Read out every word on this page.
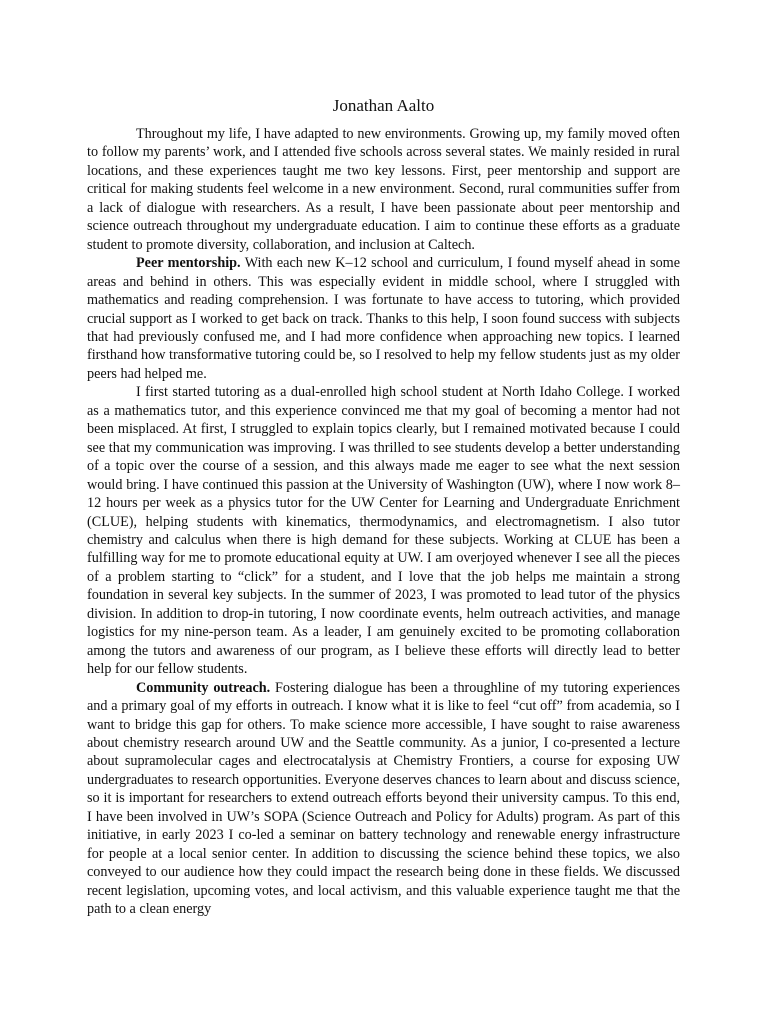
Jonathan Aalto

Throughout my life, I have adapted to new environments. Growing up, my family moved often to follow my parents’ work, and I attended five schools across several states. We mainly resided in rural locations, and these experiences taught me two key lessons. First, peer mentorship and support are critical for making students feel welcome in a new environment. Second, rural communities suffer from a lack of dialogue with researchers. As a result, I have been passionate about peer mentorship and science outreach throughout my undergraduate education. I aim to continue these efforts as a graduate student to promote diversity, collaboration, and inclusion at Caltech.

Peer mentorship. With each new K–12 school and curriculum, I found myself ahead in some areas and behind in others. This was especially evident in middle school, where I struggled with mathematics and reading comprehension. I was fortunate to have access to tutoring, which provided crucial support as I worked to get back on track. Thanks to this help, I soon found success with subjects that had previously confused me, and I had more confidence when approaching new topics. I learned firsthand how transformative tutoring could be, so I resolved to help my fellow students just as my older peers had helped me.

I first started tutoring as a dual-enrolled high school student at North Idaho College. I worked as a mathematics tutor, and this experience convinced me that my goal of becoming a mentor had not been misplaced. At first, I struggled to explain topics clearly, but I remained motivated because I could see that my communication was improving. I was thrilled to see students develop a better understanding of a topic over the course of a session, and this always made me eager to see what the next session would bring. I have continued this passion at the University of Washington (UW), where I now work 8–12 hours per week as a physics tutor for the UW Center for Learning and Undergraduate Enrichment (CLUE), helping students with kinematics, thermodynamics, and electromagnetism. I also tutor chemistry and calculus when there is high demand for these subjects. Working at CLUE has been a fulfilling way for me to promote educational equity at UW. I am overjoyed whenever I see all the pieces of a problem starting to “click” for a student, and I love that the job helps me maintain a strong foundation in several key subjects. In the summer of 2023, I was promoted to lead tutor of the physics division. In addition to drop-in tutoring, I now coordinate events, helm outreach activities, and manage logistics for my nine-person team. As a leader, I am genuinely excited to be promoting collaboration among the tutors and awareness of our program, as I believe these efforts will directly lead to better help for our fellow students.

Community outreach. Fostering dialogue has been a throughline of my tutoring experiences and a primary goal of my efforts in outreach. I know what it is like to feel “cut off” from academia, so I want to bridge this gap for others. To make science more accessible, I have sought to raise awareness about chemistry research around UW and the Seattle community. As a junior, I co-presented a lecture about supramolecular cages and electrocatalysis at Chemistry Frontiers, a course for exposing UW undergraduates to research opportunities. Everyone deserves chances to learn about and discuss science, so it is important for researchers to extend outreach efforts beyond their university campus. To this end, I have been involved in UW’s SOPA (Science Outreach and Policy for Adults) program. As part of this initiative, in early 2023 I co-led a seminar on battery technology and renewable energy infrastructure for people at a local senior center. In addition to discussing the science behind these topics, we also conveyed to our audience how they could impact the research being done in these fields. We discussed recent legislation, upcoming votes, and local activism, and this valuable experience taught me that the path to a clean energy
